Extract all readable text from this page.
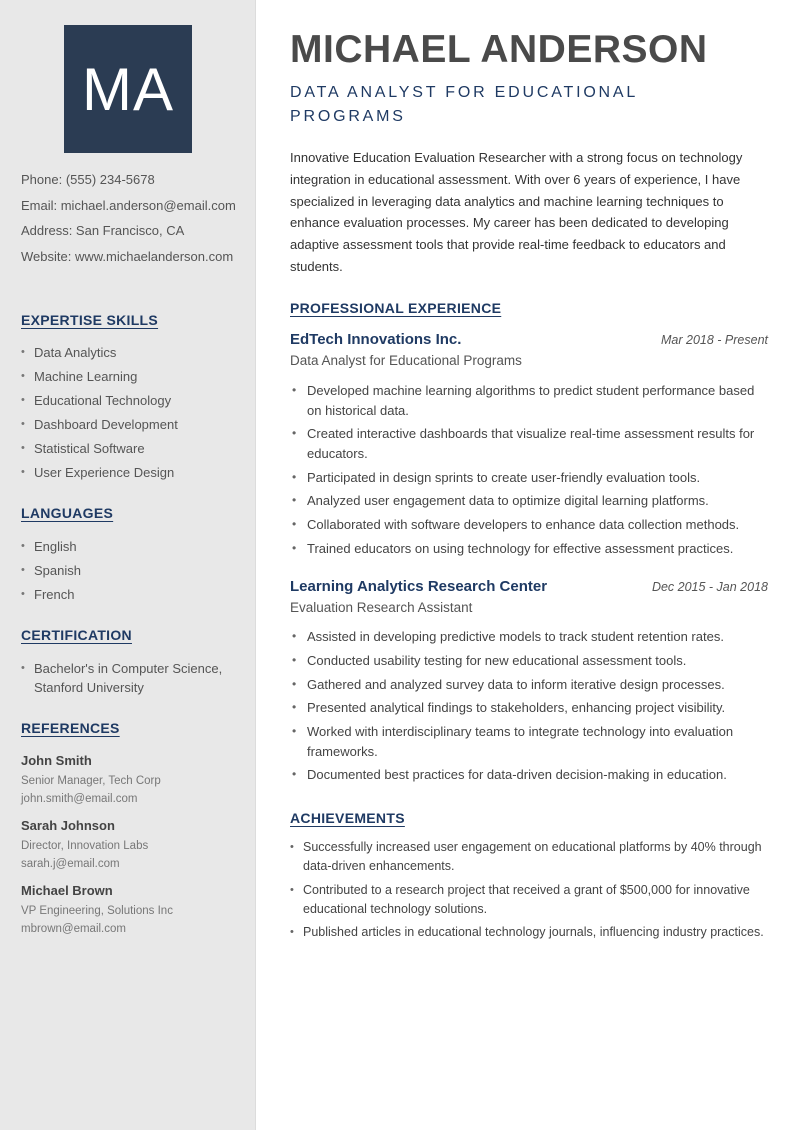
MA
Phone: (555) 234-5678
Email: michael.anderson@email.com
Address: San Francisco, CA
Website: www.michaelanderson.com
EXPERTISE SKILLS
• Data Analytics
• Machine Learning
• Educational Technology
• Dashboard Development
• Statistical Software
• User Experience Design
LANGUAGES
• English
• Spanish
• French
CERTIFICATION
• Bachelor's in Computer Science, Stanford University
REFERENCES
John Smith
Senior Manager, Tech Corp
john.smith@email.com
Sarah Johnson
Director, Innovation Labs
sarah.j@email.com
Michael Brown
VP Engineering, Solutions Inc
mbrown@email.com
MICHAEL ANDERSON
DATA ANALYST FOR EDUCATIONAL PROGRAMS

Innovative Education Evaluation Researcher with a strong focus on technology integration in educational assessment. With over 6 years of experience, I have specialized in leveraging data analytics and machine learning techniques to enhance evaluation processes. My career has been dedicated to developing adaptive assessment tools that provide real-time feedback to educators and students.

PROFESSIONAL EXPERIENCE
EdTech Innovations Inc.	Mar 2018 - Present
Data Analyst for Educational Programs
• Developed machine learning algorithms to predict student performance based on historical data.
• Created interactive dashboards that visualize real-time assessment results for educators.
• Participated in design sprints to create user-friendly evaluation tools.
• Analyzed user engagement data to optimize digital learning platforms.
• Collaborated with software developers to enhance data collection methods.
• Trained educators on using technology for effective assessment practices.
Learning Analytics Research Center	Dec 2015 - Jan 2018
Evaluation Research Assistant
• Assisted in developing predictive models to track student retention rates.
• Conducted usability testing for new educational assessment tools.
• Gathered and analyzed survey data to inform iterative design processes.
• Presented analytical findings to stakeholders, enhancing project visibility.
• Worked with interdisciplinary teams to integrate technology into evaluation frameworks.
• Documented best practices for data-driven decision-making in education.
ACHIEVEMENTS
• Successfully increased user engagement on educational platforms by 40% through data-driven enhancements.
• Contributed to a research project that received a grant of $500,000 for innovative educational technology solutions.
• Published articles in educational technology journals, influencing industry practices.
